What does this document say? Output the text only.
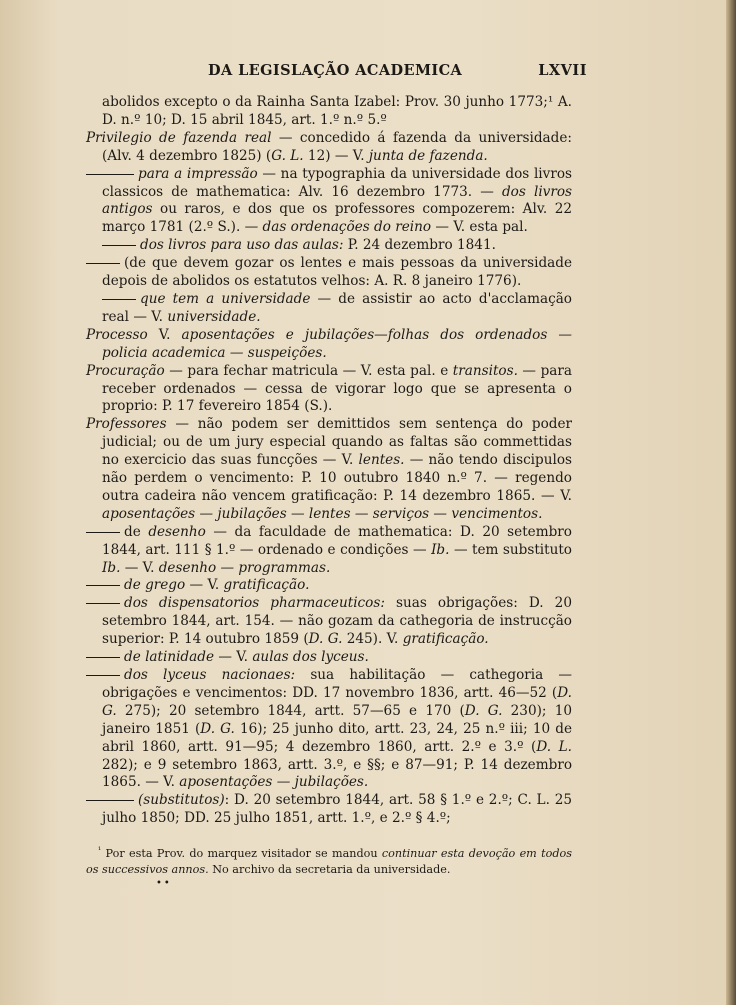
DA LEGISLAÇÃO ACADEMICA	LXVII

abolidos excepto o da Rainha Santa Izabel: Prov. 30 junho 1773;¹ A. D. n.º 10; D. 15 abril 1845, art. 1.º n.º 5.º

Privilegio de fazenda real — concedido á fazenda da universidade: (Alv. 4 dezembro 1825) (G. L. 12) — V. junta de fazenda.

para a impressão — na typographia da universidade dos livros classicos de mathematica: Alv. 16 dezembro 1773. — dos livros antigos ou raros, e dos que os professores compozerem: Alv. 22 março 1781 (2.º S.). — das ordenações do reino — V. esta pal.

dos livros para uso das aulas: P. 24 dezembro 1841.

(de que devem gozar os lentes e mais pessoas da universidade depois de abolidos os estatutos velhos: A. R. 8 janeiro 1776).

que tem a universidade — de assistir ao acto d'acclamação real — V. universidade.

Processo V. aposentações e jubilações—folhas dos ordenados — policia academica — suspeições.

Procuração — para fechar matricula — V. esta pal. e transitos. — para receber ordenados — cessa de vigorar logo que se apresenta o proprio: P. 17 fevereiro 1854 (S.).

Professores — não podem ser demittidos sem sentença do poder judicial; ou de um jury especial quando as faltas são commettidas no exercicio das suas funcções — V. lentes. — não tendo discipulos não perdem o vencimento: P. 10 outubro 1840 n.º 7. — regendo outra cadeira não vencem gratificação: P. 14 dezembro 1865. — V. aposentações — jubilações — lentes — serviços — vencimentos.

de desenho — da faculdade de mathematica: D. 20 setembro 1844, art. 111 § 1.º — ordenado e condições — Ib. — tem substituto Ib. — V. desenho — programmas.

de grego — V. gratificação.

dos dispensatorios pharmaceuticos: suas obrigações: D. 20 setembro 1844, art. 154. — não gozam da cathegoria de instrucção superior: P. 14 outubro 1859 (D. G. 245). V. gratificação.

de latinidade — V. aulas dos lyceus.

dos lyceus nacionaes: sua habilitação — cathegoria — obrigações e vencimentos: DD. 17 novembro 1836, artt. 46—52 (D. G. 275); 20 setembro 1844, artt. 57—65 e 170 (D. G. 230); 10 janeiro 1851 (D. G. 16); 25 junho dito, artt. 23, 24, 25 n.º iii; 10 de abril 1860, artt. 91—95; 4 dezembro 1860, artt. 2.º e 3.º (D. L. 282); e 9 setembro 1863, artt. 3.º, e §§; e 87—91; P. 14 dezembro 1865. — V. aposentações — jubilações.

(substitutos): D. 20 setembro 1844, art. 58 § 1.º e 2.º; C. L. 25 julho 1850; DD. 25 julho 1851, artt. 1.º, e 2.º § 4.º;

$^{^1}$ Por esta Prov. do marquez visitador se mandou continuar esta devoção em todos os successivos annos. No archivo da secretaria da universidade.

••
